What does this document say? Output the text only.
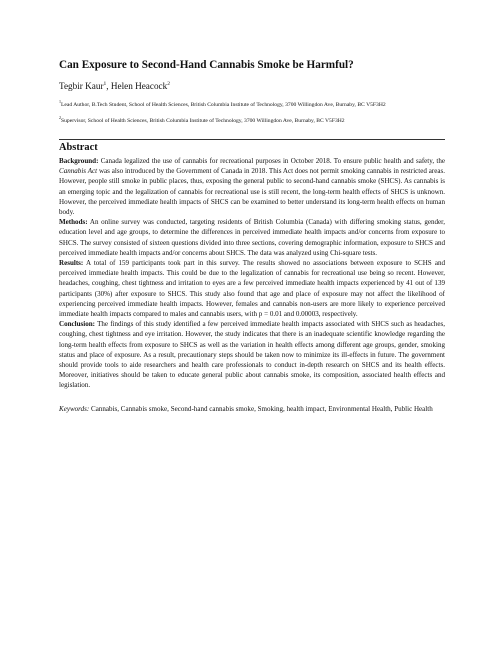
Can Exposure to Second-Hand Cannabis Smoke be Harmful?
Tegbir Kaur$^1$, Helen Heacock$^2$

$^1$Lead Author, B.Tech Student, School of Health Sciences, British Columbia Institute of Technology, 3700 Willingdon Ave, Burnaby, BC V5F3H2

$^2$Supervisor, School of Health Sciences, British Columbia Institute of Technology, 3700 Willingdon Ave, Burnaby, BC V5F3H2

Abstract

Background: Canada legalized the use of cannabis for recreational purposes in October 2018. To ensure public health and safety, the Cannabis Act was also introduced by the Government of Canada in 2018. This Act does not permit smoking cannabis in restricted areas. However, people still smoke in public places, thus, exposing the general public to second-hand cannabis smoke (SHCS). As cannabis is an emerging topic and the legalization of cannabis for recreational use is still recent, the long-term health effects of SHCS is unknown. However, the perceived immediate health impacts of SHCS can be examined to better understand its long-term health effects on human body.

Methods: An online survey was conducted, targeting residents of British Columbia (Canada) with differing smoking status, gender, education level and age groups, to determine the differences in perceived immediate health impacts and/or concerns from exposure to SHCS. The survey consisted of sixteen questions divided into three sections, covering demographic information, exposure to SHCS and perceived immediate health impacts and/or concerns about SHCS. The data was analyzed using Chi-square tests.

Results: A total of 159 participants took part in this survey. The results showed no associations between exposure to SCHS and perceived immediate health impacts. This could be due to the legalization of cannabis for recreational use being so recent. However, headaches, coughing, chest tightness and irritation to eyes are a few perceived immediate health impacts experienced by 41 out of 139 participants (30%) after exposure to SHCS. This study also found that age and place of exposure may not affect the likelihood of experiencing perceived immediate health impacts. However, females and cannabis non-users are more likely to experience perceived immediate health impacts compared to males and cannabis users, with p = 0.01 and 0.00003, respectively.

Conclusion: The findings of this study identified a few perceived immediate health impacts associated with SHCS such as headaches, coughing, chest tightness and eye irritation. However, the study indicates that there is an inadequate scientific knowledge regarding the long-term health effects from exposure to SHCS as well as the variation in health effects among different age groups, gender, smoking status and place of exposure. As a result, precautionary steps should be taken now to minimize its ill-effects in future. The government should provide tools to aide researchers and health care professionals to conduct in-depth research on SHCS and its health effects. Moreover, initiatives should be taken to educate general public about cannabis smoke, its composition, associated health effects and legislation.

Keywords: Cannabis, Cannabis smoke, Second-hand cannabis smoke, Smoking, health impact, Environmental Health, Public Health
